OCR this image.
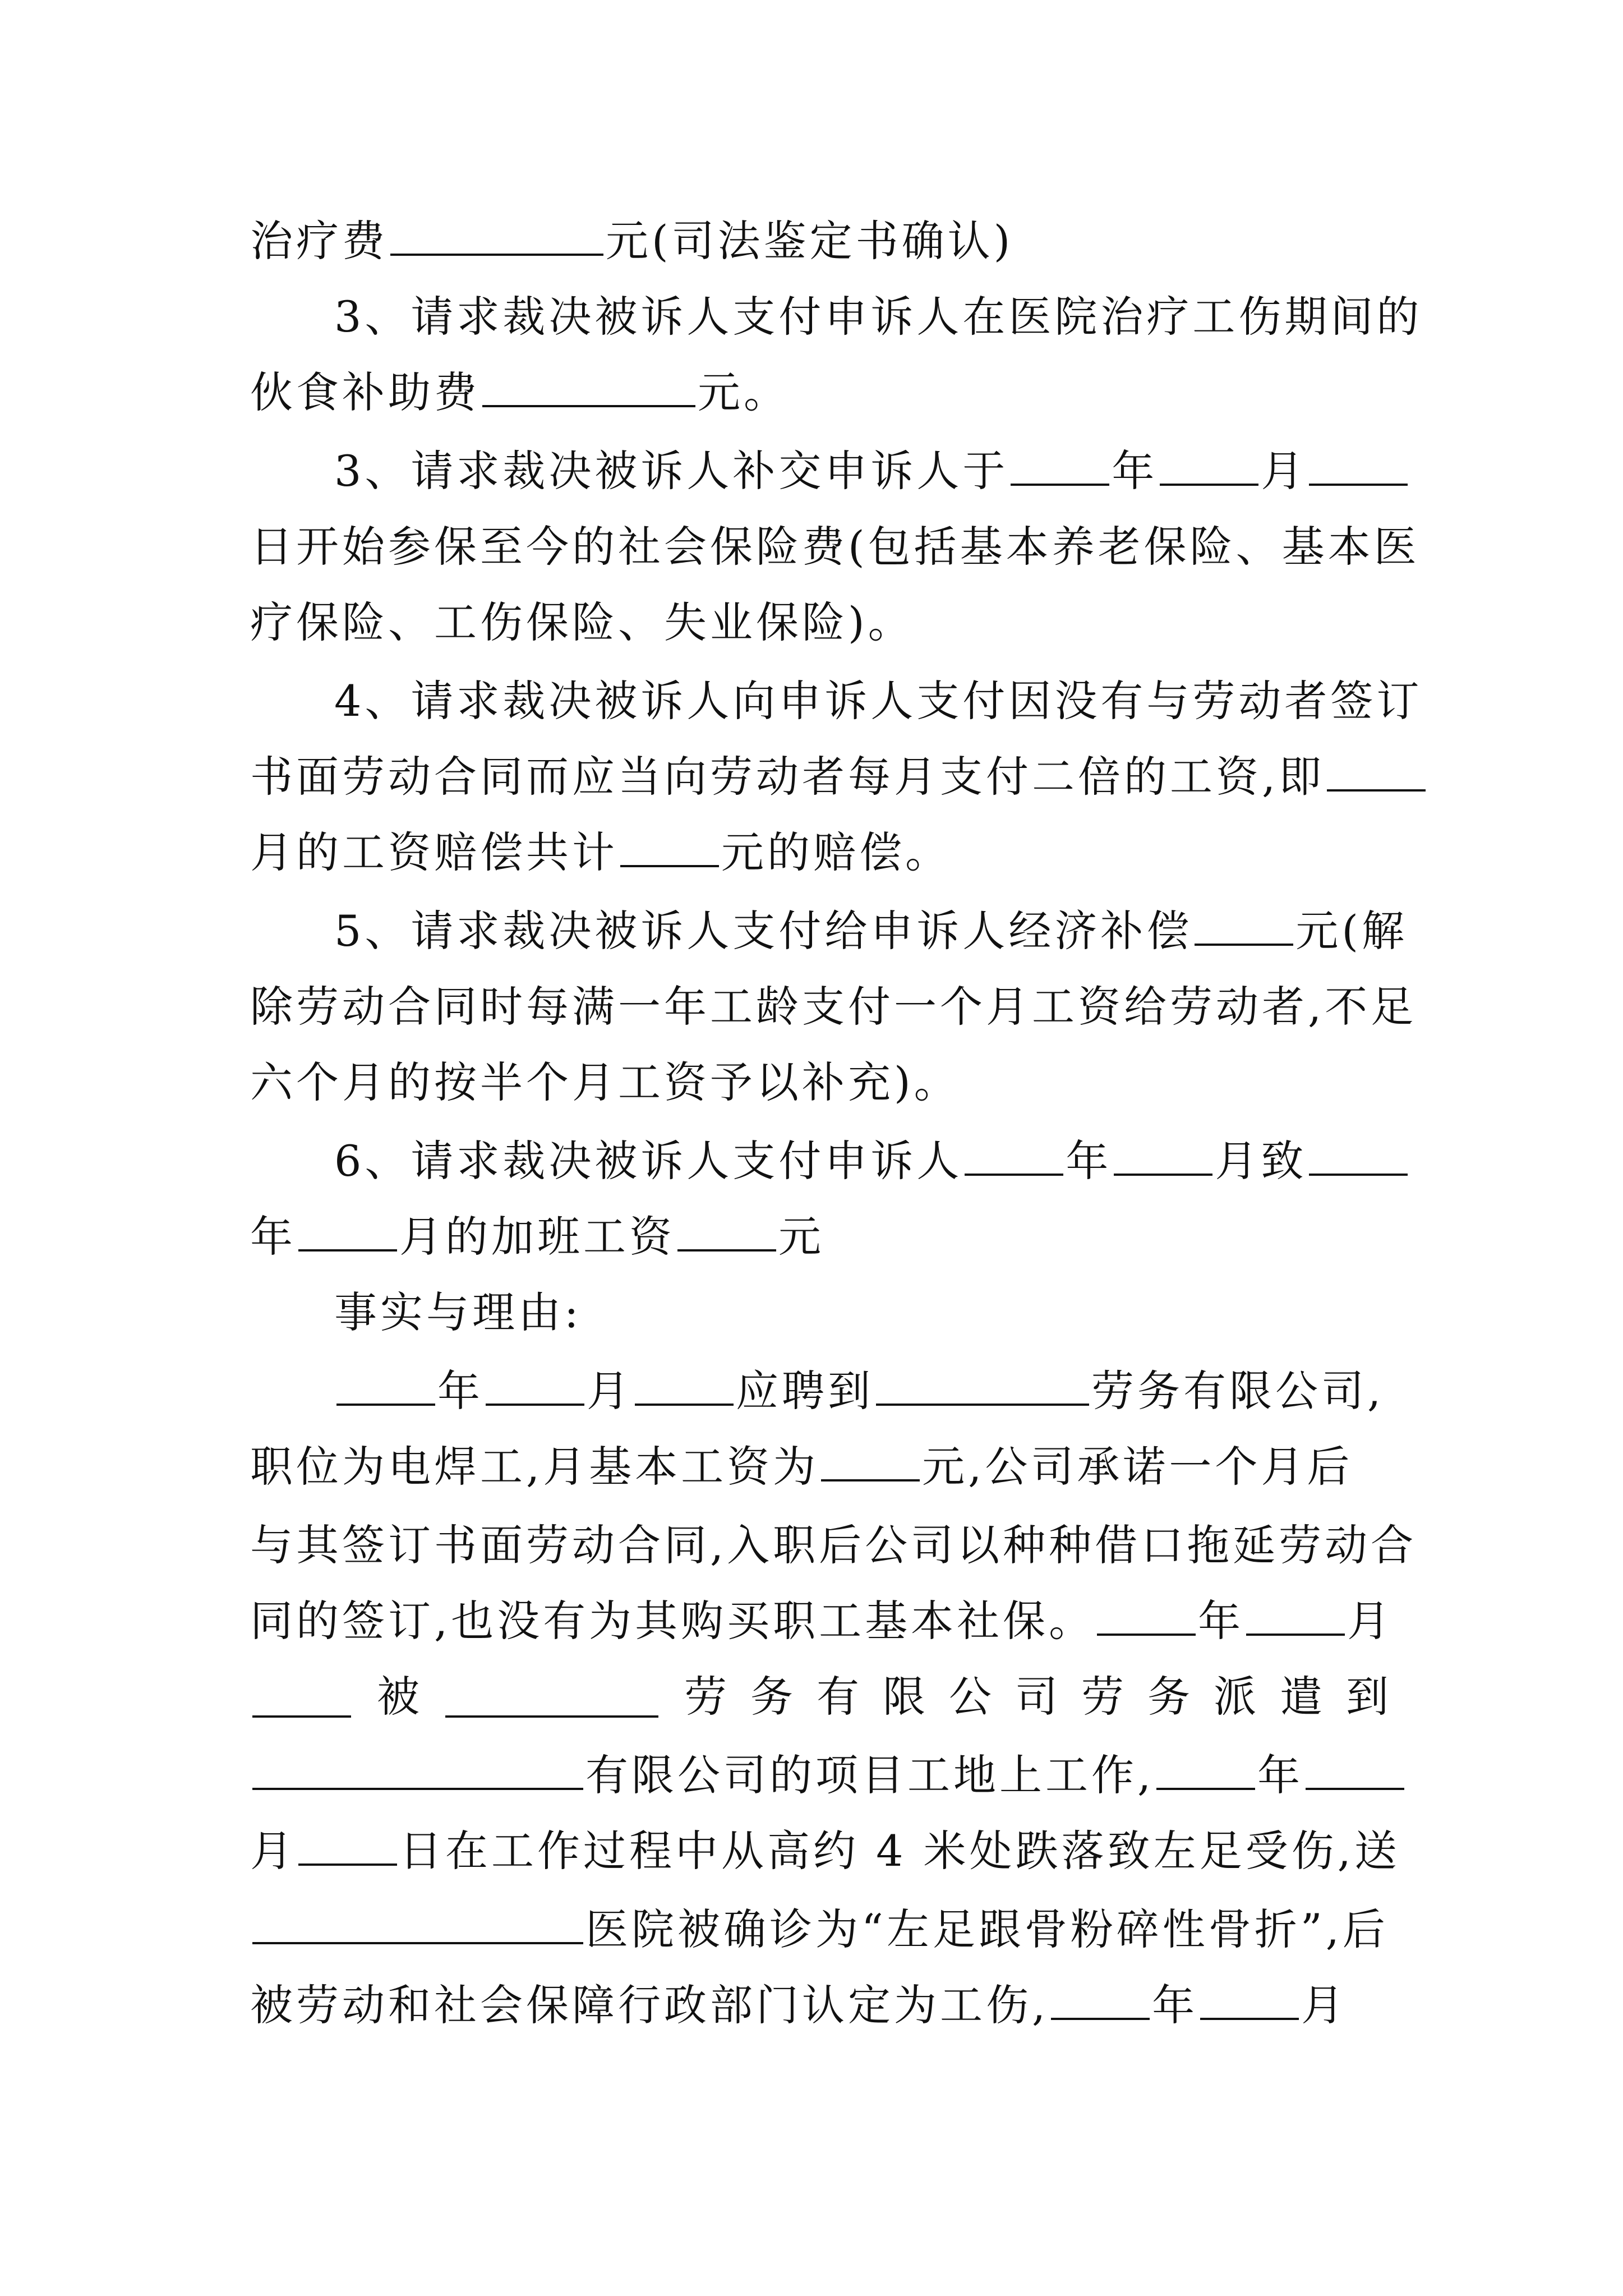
治疗费	元(司法鉴定书确认)
3、请求裁决被诉人支付申诉人在医院治疗工伤期间的
伙食补助费	元。
3、请求裁决被诉人补交申诉人于 年 月
日开始参保至今的社会保险费(包括基本养老保险、基本医
疗保险、工伤保险、失业保险)。
4、请求裁决被诉人向申诉人支付因没有与劳动者签订
书面劳动合同而应当向劳动者每月支付二倍的工资,即
月的工资赔偿共计 元的赔偿。
5、请求裁决被诉人支付给申诉人经济补偿 元(解
除劳动合同时每满一年工龄支付一个月工资给劳动者,不足
六个月的按半个月工资予以补充)。
6、请求裁决被诉人支付申诉人 年 月致
年 月的加班工资 元
事实与理由:
年 月 应聘到	劳务有限公司,
职位为电焊工,月基本工资为 元,公司承诺一个月后
与其签订书面劳动合同,入职后公司以种种借口拖延劳动合
同的签订,也没有为其购买职工基本社保。 年 月
被	劳 务 有 限 公 司 劳 务 派 遣 到
有限公司的项目工地上工作, 年
月 日在工作过程中从高约 4 米处跌落致左足受伤,送
医院被确诊为“左足跟骨粉碎性骨折”,后
被劳动和社会保障行政部门认定为工伤, 年 月
